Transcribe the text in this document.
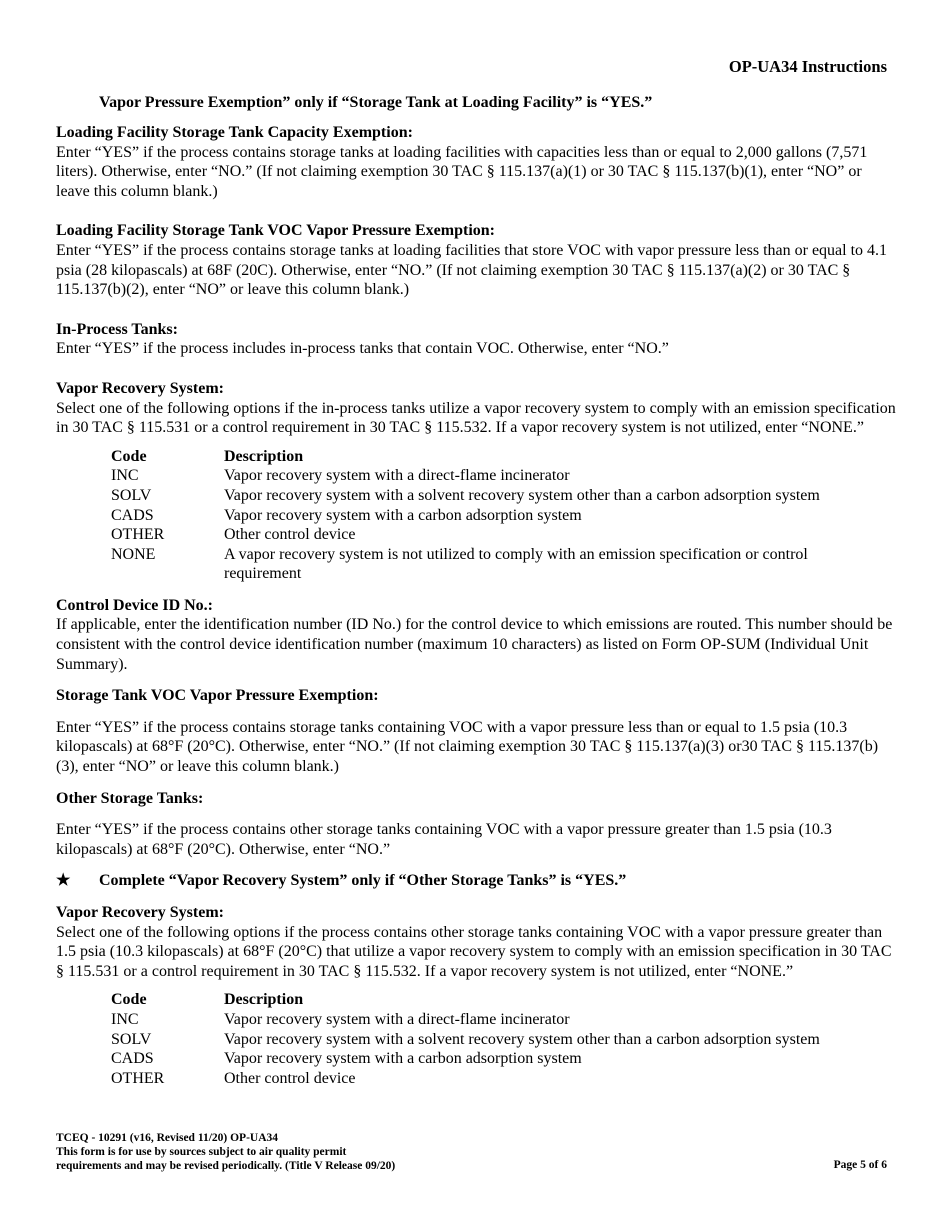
OP-UA34 Instructions
Vapor Pressure Exemption” only if “Storage Tank at Loading Facility” is “YES.”

Loading Facility Storage Tank Capacity Exemption:

Enter “YES” if the process contains storage tanks at loading facilities with capacities less than or equal to 2,000 gallons (7,571 liters). Otherwise, enter “NO.” (If not claiming exemption 30 TAC § 115.137(a)(1) or 30 TAC § 115.137(b)(1), enter “NO” or leave this column blank.)

Loading Facility Storage Tank VOC Vapor Pressure Exemption:

Enter “YES” if the process contains storage tanks at loading facilities that store VOC with vapor pressure less than or equal to 4.1 psia (28 kilopascals) at 68F (20C). Otherwise, enter “NO.” (If not claiming exemption 30 TAC § 115.137(a)(2) or 30 TAC § 115.137(b)(2), enter “NO” or leave this column blank.)

In-Process Tanks:

Enter “YES” if the process includes in-process tanks that contain VOC. Otherwise, enter “NO.”

Vapor Recovery System:

Select one of the following options if the in-process tanks utilize a vapor recovery system to comply with an emission specification in 30 TAC § 115.531 or a control requirement in 30 TAC § 115.532. If a vapor recovery system is not utilized, enter “NONE.”

Code	Description
INC	Vapor recovery system with a direct-flame incinerator
SOLV	Vapor recovery system with a solvent recovery system other than a carbon adsorption system
CADS	Vapor recovery system with a carbon adsorption system
OTHER	Other control device
NONE	A vapor recovery system is not utilized to comply with an emission specification or control requirement

Control Device ID No.:

If applicable, enter the identification number (ID No.) for the control device to which emissions are routed. This number should be consistent with the control device identification number (maximum 10 characters) as listed on Form OP-SUM (Individual Unit Summary).

Storage Tank VOC Vapor Pressure Exemption:

Enter “YES” if the process contains storage tanks containing VOC with a vapor pressure less than or equal to 1.5 psia (10.3 kilopascals) at 68°F (20°C). Otherwise, enter “NO.” (If not claiming exemption 30 TAC § 115.137(a)(3) or30 TAC § 115.137(b)(3), enter “NO” or leave this column blank.)

Other Storage Tanks:

Enter “YES” if the process contains other storage tanks containing VOC with a vapor pressure greater than 1.5 psia (10.3 kilopascals) at 68°F (20°C). Otherwise, enter “NO.”

★ Complete “Vapor Recovery System” only if “Other Storage Tanks” is “YES.”

Vapor Recovery System:

Select one of the following options if the process contains other storage tanks containing VOC with a vapor pressure greater than 1.5 psia (10.3 kilopascals) at 68°F (20°C) that utilize a vapor recovery system to comply with an emission specification in 30 TAC § 115.531 or a control requirement in 30 TAC § 115.532. If a vapor recovery system is not utilized, enter “NONE.”

Code	Description
INC	Vapor recovery system with a direct-flame incinerator
SOLV	Vapor recovery system with a solvent recovery system other than a carbon adsorption system
CADS	Vapor recovery system with a carbon adsorption system
OTHER	Other control device
TCEQ - 10291 (v16, Revised 11/20) OP-UA34
This form is for use by sources subject to air quality permit
requirements and may be revised periodically. (Title V Release 09/20)	Page 5 of 6
